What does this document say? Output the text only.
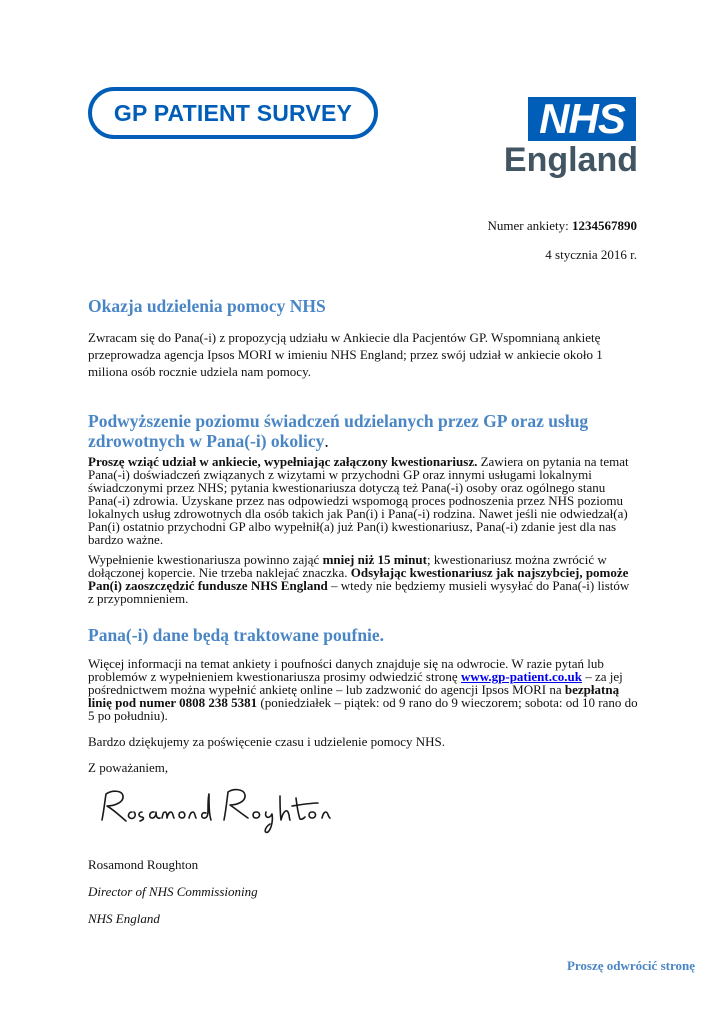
GP PATIENT SURVEY	NHS
England
Numer ankiety: 1234567890
4 stycznia 2016 r.
Okazja udzielenia pomocy NHS

Zwracam się do Pana(-i) z propozycją udziału w Ankiecie dla Pacjentów GP. Wspomnianą ankietę przeprowadza agencja Ipsos MORI w imieniu NHS England; przez swój udział w ankiecie około 1 miliona osób rocznie udziela nam pomocy.

Podwyższenie poziomu świadczeń udzielanych przez GP oraz usług zdrowotnych w Pana(-i) okolicy.

Proszę wziąć udział w ankiecie, wypełniając załączony kwestionariusz. Zawiera on pytania na temat Pana(-i) doświadczeń związanych z wizytami w przychodni GP oraz innymi usługami lokalnymi świadczonymi przez NHS; pytania kwestionariusza dotyczą też Pana(-i) osoby oraz ogólnego stanu Pana(-i) zdrowia. Uzyskane przez nas odpowiedzi wspomogą proces podnoszenia przez NHS poziomu lokalnych usług zdrowotnych dla osób takich jak Pan(i) i Pana(-i) rodzina. Nawet jeśli nie odwiedzał(a) Pan(i) ostatnio przychodni GP albo wypełnił(a) już Pan(i) kwestionariusz, Pana(-i) zdanie jest dla nas bardzo ważne.

Wypełnienie kwestionariusza powinno zająć mniej niż 15 minut; kwestionariusz można zwrócić w dołączonej kopercie. Nie trzeba naklejać znaczka. Odsyłając kwestionariusz jak najszybciej, pomoże Pan(i) zaoszczędzić fundusze NHS England – wtedy nie będziemy musieli wysyłać do Pana(-i) listów z przypomnieniem.

Pana(-i) dane będą traktowane poufnie.

Więcej informacji na temat ankiety i poufności danych znajduje się na odwrocie. W razie pytań lub problemów z wypełnieniem kwestionariusza prosimy odwiedzić stronę www.gp-patient.co.uk – za jej pośrednictwem można wypełnić ankietę online – lub zadzwonić do agencji Ipsos MORI na bezpłatną linię pod numer 0808 238 5381 (poniedziałek – piątek: od 9 rano do 9 wieczorem; sobota: od 10 rano do 5 po południu).

Bardzo dziękujemy za poświęcenie czasu i udzielenie pomocy NHS.

Z poważaniem,

Rosamond Roughton

Director of NHS Commissioning

NHS England

Proszę odwrócić stronę
